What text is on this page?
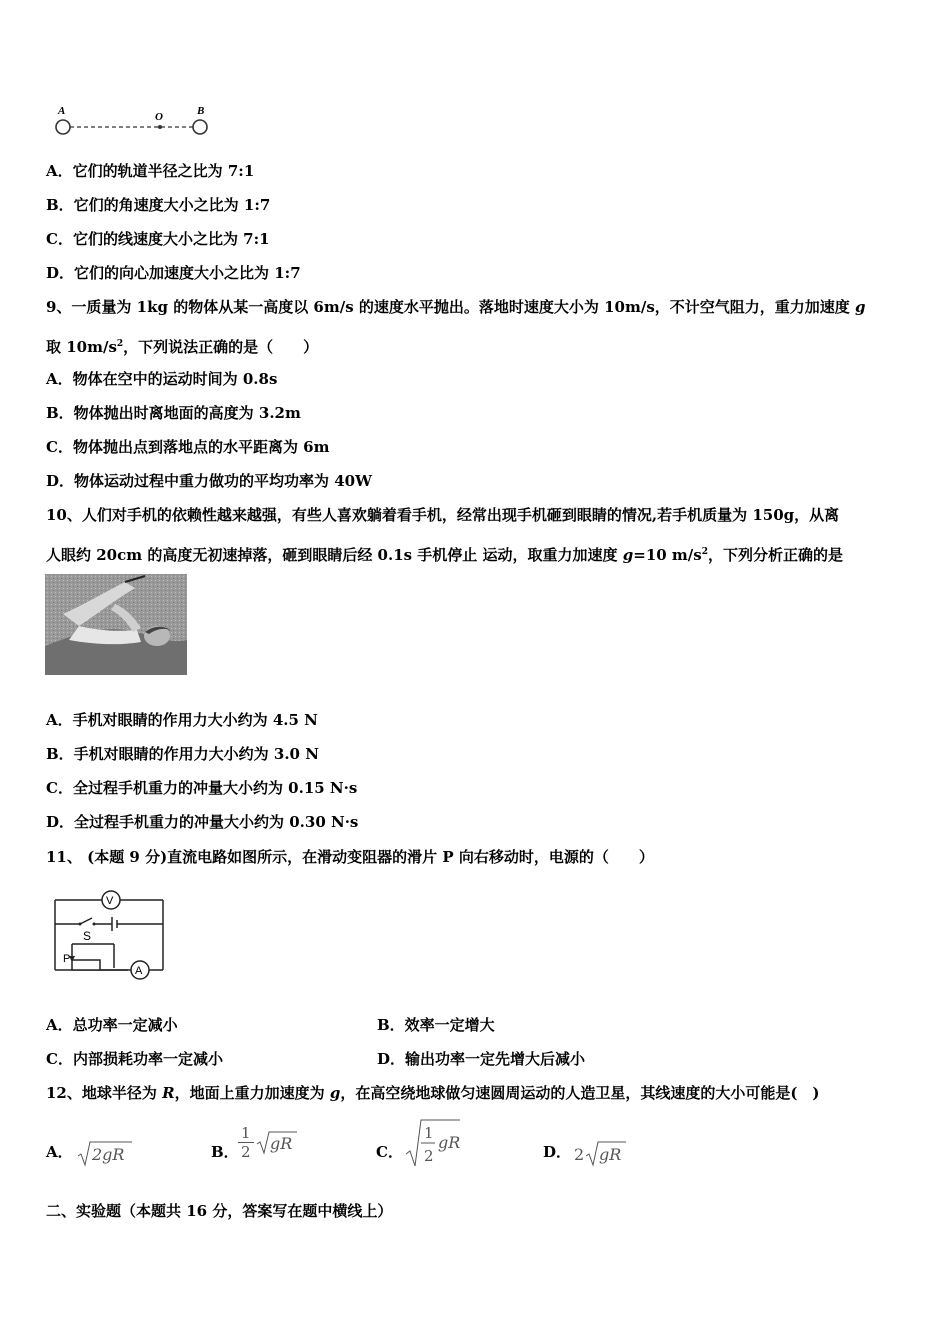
A	O	B
A．它们的轨道半径之比为 7:1
B．它们的角速度大小之比为 1:7
C．它们的线速度大小之比为 7:1
D．它们的向心加速度大小之比为 1:7
9、一质量为 1kg 的物体从某一高度以 6m/s 的速度水平抛出。落地时速度大小为 10m/s，不计空气阻力，重力加速度 g
取 $10m/s^2$，下列说法正确的是（　　）
A．物体在空中的运动时间为 0.8s
B．物体抛出时离地面的高度为 3.2m
C．物体抛出点到落地点的水平距离为 6m
D．物体运动过程中重力做功的平均功率为 40W
10、人们对手机的依赖性越来越强，有些人喜欢躺着看手机，经常出现手机砸到眼睛的情况,若手机质量为 150g，从离
人眼约 20cm 的高度无初速掉落，砸到眼睛后经 0.1s 手机停止 运动，取重力加速度 g=10 $m/s^2$，下列分析正确的是
A．手机对眼睛的作用力大小约为 4.5 N
B．手机对眼睛的作用力大小约为 3.0 N
C．全过程手机重力的冲量大小约为 0.15 N·s
D．全过程手机重力的冲量大小约为 0.30 N·s
11、 (本题 9 分)直流电路如图所示，在滑动变阻器的滑片 P 向右移动时，电源的（　　）
V
S
P
A
A．总功率一定减小	B．效率一定增大
C．内部损耗功率一定减小	D．输出功率一定先增大后减小
12、地球半径为 R，地面上重力加速度为 g，在高空绕地球做匀速圆周运动的人造卫星，其线速度的大小可能是(　)
A． 2gR	B． $\frac{1}{2}$ gR	C．
1
2
gR	D． 2 gR
二、实验题（本题共 16 分，答案写在题中横线上）
